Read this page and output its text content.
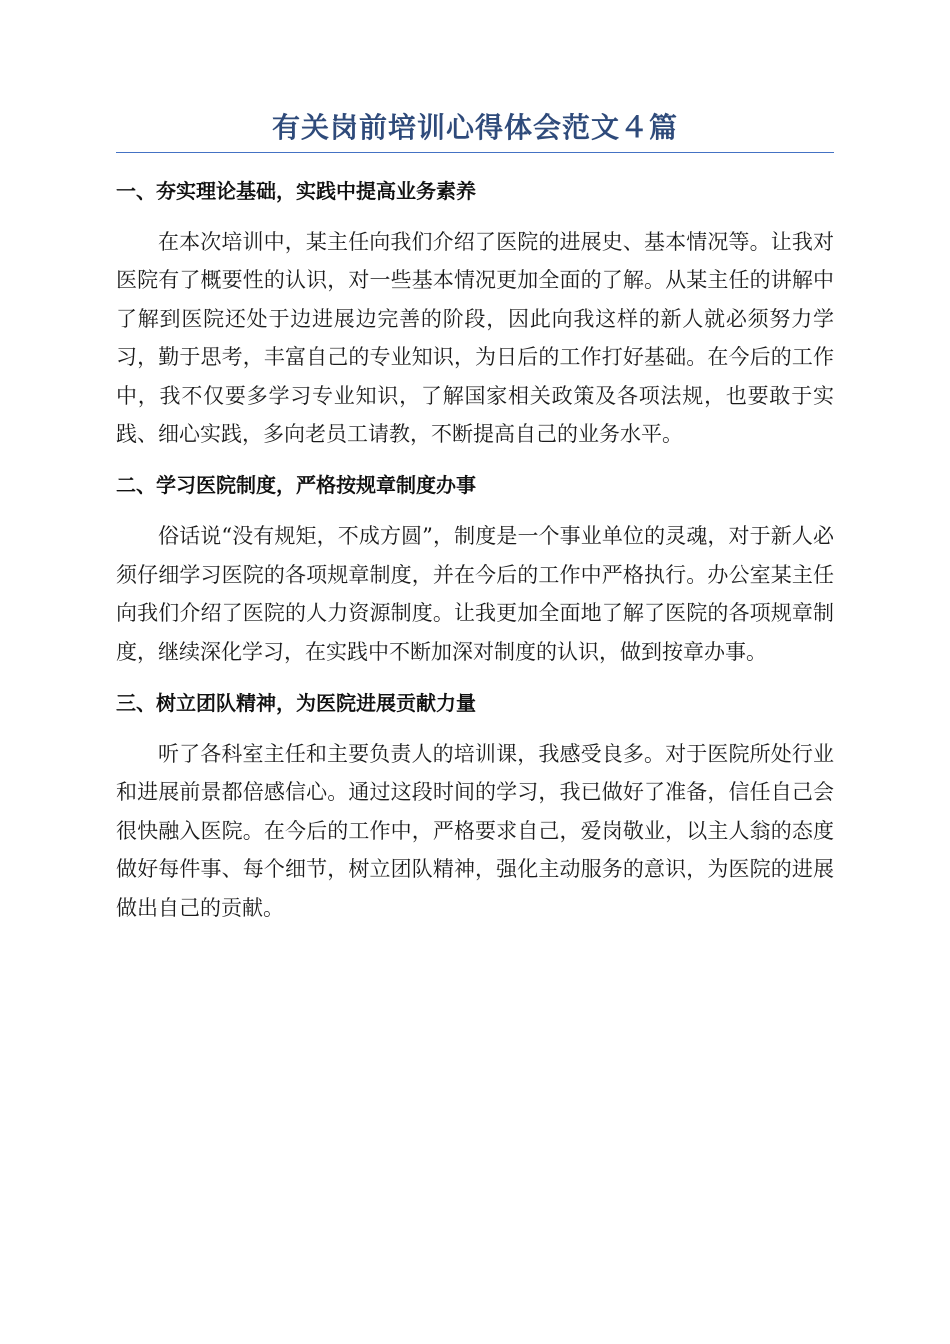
有关岗前培训心得体会范文４篇
一、夯实理论基础，实践中提高业务素养

在本次培训中，某主任向我们介绍了医院的进展史、基本情况等。让我对医院有了概要性的认识，对一些基本情况更加全面的了解。从某主任的讲解中了解到医院还处于边进展边完善的阶段，因此向我这样的新人就必须努力学习，勤于思考，丰富自己的专业知识，为日后的工作打好基础。在今后的工作中，我不仅要多学习专业知识，了解国家相关政策及各项法规，也要敢于实践、细心实践，多向老员工请教，不断提高自己的业务水平。

二、学习医院制度，严格按规章制度办事

俗话说“没有规矩，不成方圆”，制度是一个事业单位的灵魂，对于新人必须仔细学习医院的各项规章制度，并在今后的工作中严格执行。办公室某主任向我们介绍了医院的人力资源制度。让我更加全面地了解了医院的各项规章制度，继续深化学习，在实践中不断加深对制度的认识，做到按章办事。

三、树立团队精神，为医院进展贡献力量

听了各科室主任和主要负责人的培训课，我感受良多。对于医院所处行业和进展前景都倍感信心。通过这段时间的学习，我已做好了准备，信任自己会很快融入医院。在今后的工作中，严格要求自己，爱岗敬业，以主人翁的态度做好每件事、每个细节，树立团队精神，强化主动服务的意识，为医院的进展做出自己的贡献。
